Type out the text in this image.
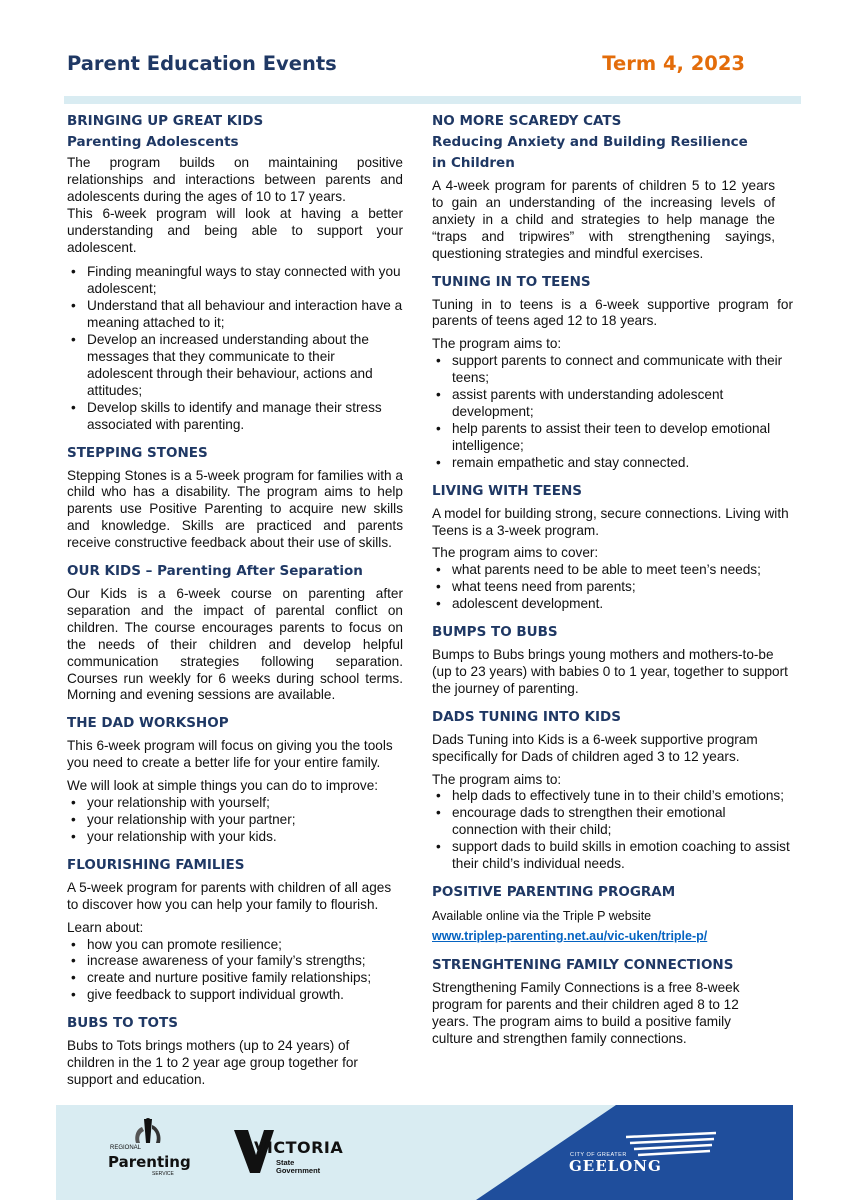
Parent Education Events	Term 4, 2023
BRINGING UP GREAT KIDS
Parenting Adolescents

The program builds on maintaining positive relationships and interactions between parents and adolescents during the ages of 10 to 17 years.

This 6-week program will look at having a better understanding and being able to support your adolescent.

• Finding meaningful ways to stay connected with you adolescent;
• Understand that all behaviour and interaction have a meaning attached to it;
• Develop an increased understanding about the messages that they communicate to their adolescent through their behaviour, actions and attitudes;
• Develop skills to identify and manage their stress associated with parenting.
STEPPING STONES

Stepping Stones is a 5-week program for families with a child who has a disability. The program aims to help parents use Positive Parenting to acquire new skills and knowledge. Skills are practiced and parents receive constructive feedback about their use of skills.

OUR KIDS – Parenting After Separation

Our Kids is a 6-week course on parenting after separation and the impact of parental conflict on children. The course encourages parents to focus on the needs of their children and develop helpful communication strategies following separation. Courses run weekly for 6 weeks during school terms. Morning and evening sessions are available.

THE DAD WORKSHOP

This 6-week program will focus on giving you the tools you need to create a better life for your entire family.

We will look at simple things you can do to improve:

• your relationship with yourself;
• your relationship with your partner;
• your relationship with your kids.
FLOURISHING FAMILIES

A 5-week program for parents with children of all ages to discover how you can help your family to flourish.

Learn about:

• how you can promote resilience;
• increase awareness of your family’s strengths;
• create and nurture positive family relationships;
• give feedback to support individual growth.
BUBS TO TOTS

Bubs to Tots brings mothers (up to 24 years) of children in the 1 to 2 year age group together for support and education.

NO MORE SCAREDY CATS
Reducing Anxiety and Building Resilience in Children

A 4-week program for parents of children 5 to 12 years to gain an understanding of the increasing levels of anxiety in a child and strategies to help manage the “traps and tripwires” with strengthening sayings, questioning strategies and mindful exercises.

TUNING IN TO TEENS

Tuning in to teens is a 6-week supportive program for parents of teens aged 12 to 18 years.

The program aims to:

• support parents to connect and communicate with their teens;
• assist parents with understanding adolescent development;
• help parents to assist their teen to develop emotional intelligence;
• remain empathetic and stay connected.
LIVING WITH TEENS

A model for building strong, secure connections. Living with Teens is a 3-week program.

The program aims to cover:

• what parents need to be able to meet teen’s needs;
• what teens need from parents;
• adolescent development.
BUMPS TO BUBS

Bumps to Bubs brings young mothers and mothers-to-be (up to 23 years) with babies 0 to 1 year, together to support the journey of parenting.

DADS TUNING INTO KIDS

Dads Tuning into Kids is a 6-week supportive program specifically for Dads of children aged 3 to 12 years.

The program aims to:

• help dads to effectively tune in to their child’s emotions;
• encourage dads to strengthen their emotional connection with their child;
• support dads to build skills in emotion coaching to assist their child’s individual needs.
POSITIVE PARENTING PROGRAM
Available online via the Triple P website
www.triplep-parenting.net.au/vic-uken/triple-p/
STRENGHTENING FAMILY CONNECTIONS

Strengthening Family Connections is a free 8-week program for parents and their children aged 8 to 12 years. The program aims to build a positive family culture and strengthen family connections.

REGIONAL
Parenting
SERVICE
VICTORIA
State
Government
CITY OF GREATER
GEELONG
